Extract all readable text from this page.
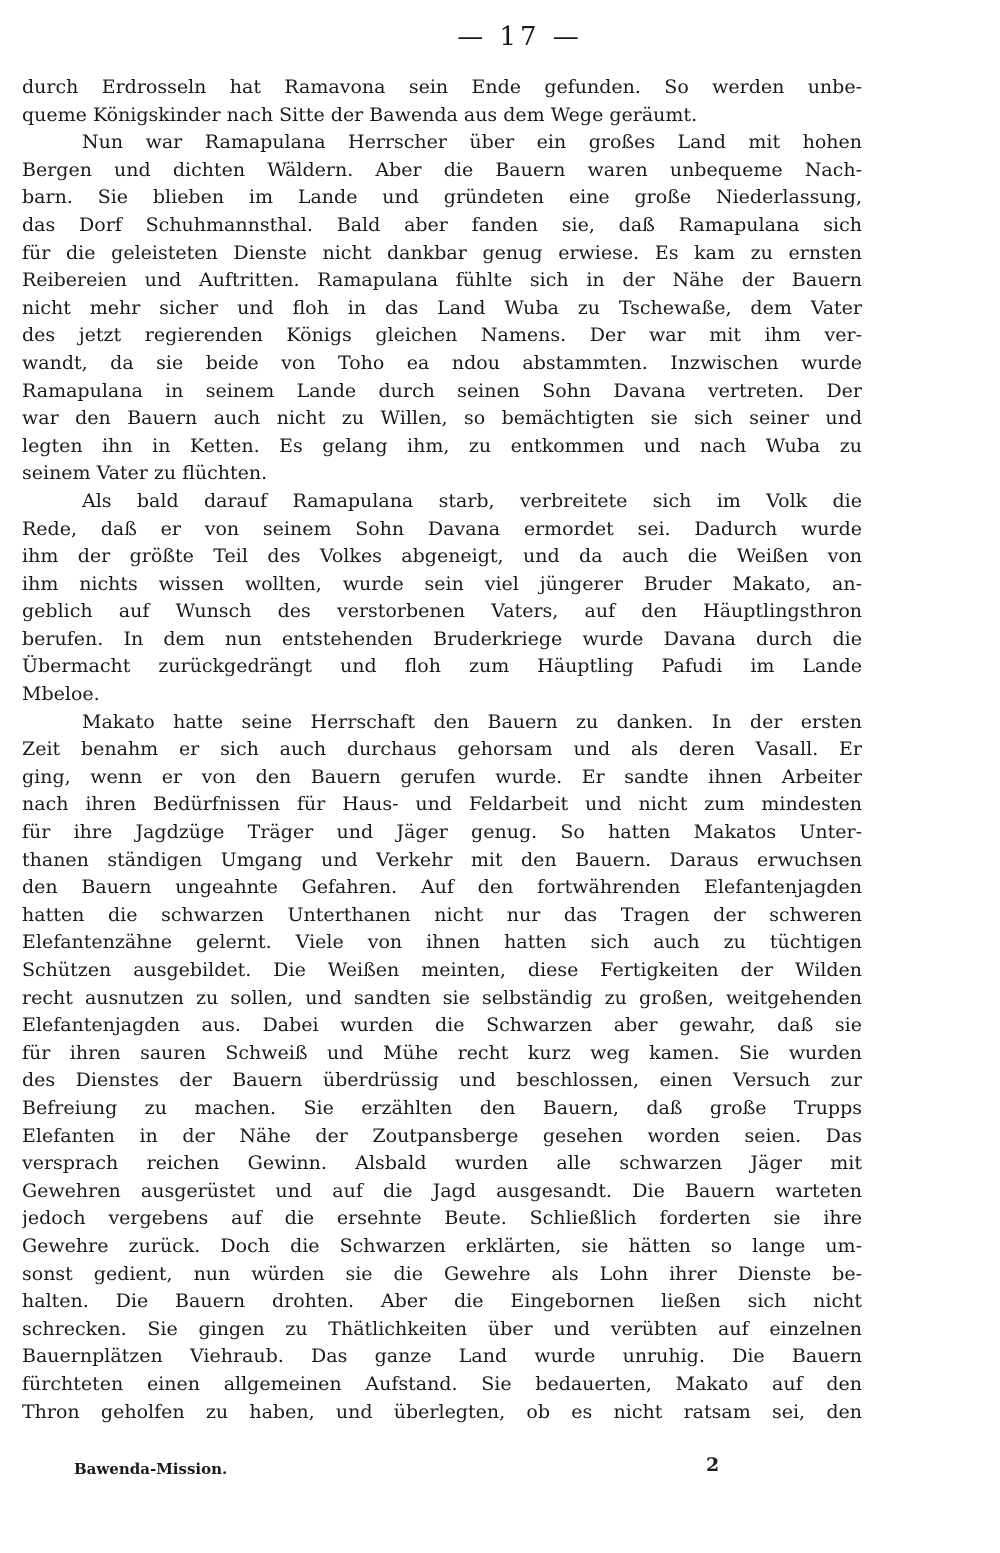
— 17 —
durch Erdrosseln hat Ramavona sein Ende gefunden. So werden unbe-
queme Königskinder nach Sitte der Bawenda aus dem Wege geräumt.
Nun war Ramapulana Herrscher über ein großes Land mit hohen
Bergen und dichten Wäldern. Aber die Bauern waren unbequeme Nach-
barn. Sie blieben im Lande und gründeten eine große Niederlassung,
das Dorf Schuhmannsthal. Bald aber fanden sie, daß Ramapulana sich
für die geleisteten Dienste nicht dankbar genug erwiese. Es kam zu ernsten
Reibereien und Auftritten. Ramapulana fühlte sich in der Nähe der Bauern
nicht mehr sicher und floh in das Land Wuba zu Tschewaße, dem Vater
des jetzt regierenden Königs gleichen Namens. Der war mit ihm ver-
wandt, da sie beide von Toho ea ndou abstammten. Inzwischen wurde
Ramapulana in seinem Lande durch seinen Sohn Davana vertreten. Der
war den Bauern auch nicht zu Willen, so bemächtigten sie sich seiner und
legten ihn in Ketten. Es gelang ihm, zu entkommen und nach Wuba zu
seinem Vater zu flüchten.
Als bald darauf Ramapulana starb, verbreitete sich im Volk die
Rede, daß er von seinem Sohn Davana ermordet sei. Dadurch wurde
ihm der größte Teil des Volkes abgeneigt, und da auch die Weißen von
ihm nichts wissen wollten, wurde sein viel jüngerer Bruder Makato, an-
geblich auf Wunsch des verstorbenen Vaters, auf den Häuptlingsthron
berufen. In dem nun entstehenden Bruderkriege wurde Davana durch die
Übermacht zurückgedrängt und floh zum Häuptling Pafudi im Lande
Mbeloe.
Makato hatte seine Herrschaft den Bauern zu danken. In der ersten
Zeit benahm er sich auch durchaus gehorsam und als deren Vasall. Er
ging, wenn er von den Bauern gerufen wurde. Er sandte ihnen Arbeiter
nach ihren Bedürfnissen für Haus- und Feldarbeit und nicht zum mindesten
für ihre Jagdzüge Träger und Jäger genug. So hatten Makatos Unter-
thanen ständigen Umgang und Verkehr mit den Bauern. Daraus erwuchsen
den Bauern ungeahnte Gefahren. Auf den fortwährenden Elefantenjagden
hatten die schwarzen Unterthanen nicht nur das Tragen der schweren
Elefantenzähne gelernt. Viele von ihnen hatten sich auch zu tüchtigen
Schützen ausgebildet. Die Weißen meinten, diese Fertigkeiten der Wilden
recht ausnutzen zu sollen, und sandten sie selbständig zu großen, weitgehenden
Elefantenjagden aus. Dabei wurden die Schwarzen aber gewahr, daß sie
für ihren sauren Schweiß und Mühe recht kurz weg kamen. Sie wurden
des Dienstes der Bauern überdrüssig und beschlossen, einen Versuch zur
Befreiung zu machen. Sie erzählten den Bauern, daß große Trupps
Elefanten in der Nähe der Zoutpansberge gesehen worden seien. Das
versprach reichen Gewinn. Alsbald wurden alle schwarzen Jäger mit
Gewehren ausgerüstet und auf die Jagd ausgesandt. Die Bauern warteten
jedoch vergebens auf die ersehnte Beute. Schließlich forderten sie ihre
Gewehre zurück. Doch die Schwarzen erklärten, sie hätten so lange um-
sonst gedient, nun würden sie die Gewehre als Lohn ihrer Dienste be-
halten. Die Bauern drohten. Aber die Eingebornen ließen sich nicht
schrecken. Sie gingen zu Thätlichkeiten über und verübten auf einzelnen
Bauernplätzen Viehraub. Das ganze Land wurde unruhig. Die Bauern
fürchteten einen allgemeinen Aufstand. Sie bedauerten, Makato auf den
Thron geholfen zu haben, und überlegten, ob es nicht ratsam sei, den
Bawenda-Mission.	2
